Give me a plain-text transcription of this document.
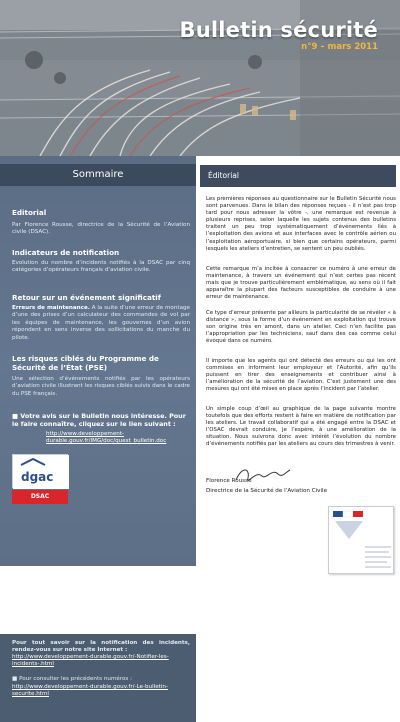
Bulletin sécurité
n°9 – mars 2011
Sommaire
Editorial
Par Florence Rousse, directrice de la Sécurité de l’Aviation civile (DSAC).
Indicateurs de notification
Evolution du nombre d’incidents notifiés à la DSAC par cinq catégories d’opérateurs français d’aviation civile.
Retour sur un événement significatif
Erreurs de maintenance. A la suite d’une erreur de montage d’une des prises d’un calculateur des commandes de vol par les équipes de maintenance, les gouvernes d’un avion répondent en sens inverse des sollicitations du manche du pilote.
Les risques ciblés du Programme de Sécurité de l’État (PSE)
Une sélection d’événements notifiés par les opérateurs d’aviation civile illustrant les risques ciblés suivis dans le cadre du PSE français.
■ Votre avis sur le Bulletin nous intéresse. Pour le faire connaître, cliquez sur le lien suivant :
http://www.developpement-durable.gouv.fr/IMG/doc/quest_bulletin.doc
dgac
DSAC
Pour tout savoir sur la notification des incidents, rendez-vous sur notre site Internet :
http://www.developpement-durable.gouv.fr/-Notifier-les-incidents-.html
■ Pour consulter les précédents numéros :
http://www.developpement-durable.gouv.fr/-Le-bulletin-securite.html
Éditorial
Les premières réponses au questionnaire sur le Bulletin Sécurité nous sont parvenues. Dans le bilan des réponses reçues - il n’est pas trop tard pour nous adresser la vôtre -, une remarque est revenue à plusieurs reprises, selon laquelle les sujets contenus des bulletins traitent un peu trop systématiquement d’événements liés à l’exploitation des avions et aux interfaces avec le contrôle aérien ou l’exploitation aéroportuaire, si bien que certains opérateurs, parmi lesquels les ateliers d’entretien, se sentent un peu oubliés.
Cette remarque m’a incitée à consacrer ce numéro à une erreur de maintenance, à travers un événement qui n’est certes pas récent mais que je trouve particulièrement emblématique, au sens où il fait apparaître la plupart des facteurs susceptibles de conduire à une erreur de maintenance.
Ce type d’erreur présente par ailleurs la particularité de se révéler « à distance », sous la forme d’un événement en exploitation qui trouve son origine très en amont, dans un atelier. Ceci n’en facilite pas l’appropriation par les techniciens, sauf dans des cas comme celui évoqué dans ce numéro.
Il importe que les agents qui ont détecté des erreurs ou qui les ont commises en informent leur employeur et l’Autorité, afin qu’ils puissent en tirer des enseignements et contribuer ainsi à l’amélioration de la sécurité de l’aviation. C’est justement une des mesures qui ont été mises en place après l’incident par l’atelier.
Un simple coup d’œil au graphique de la page suivante montre toutefois que des efforts restent à faire en matière de notification par les ateliers. Le travail collaboratif qui a été engagé entre la DSAC et l’OSAC devrait conduire, je l’espère, à une amélioration de la situation. Nous suivrons donc avec intérêt l’évolution du nombre d’événements notifiés par les ateliers au cours des trimestres à venir.
Florence Rousse
Directrice de la Sécurité de l’Aviation Civile
